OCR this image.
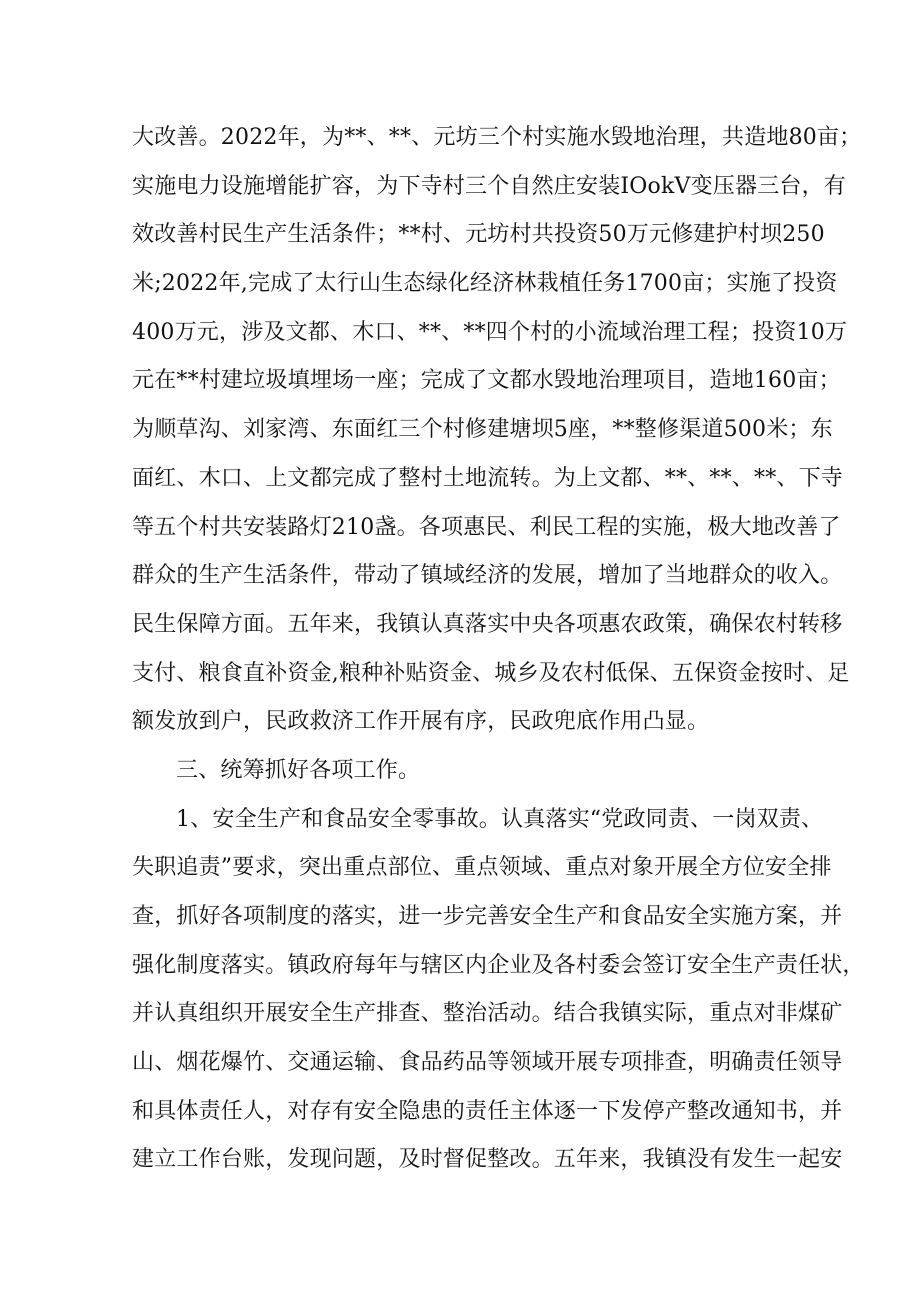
大改善。2022年，为**、**、元坊三个村实施水毁地治理，共造地80亩；
实施电力设施增能扩容，为下寺村三个自然庄安装IOokV变压器三台，有
效改善村民生产生活条件；**村、元坊村共投资50万元修建护村坝250
米;2022年,完成了太行山生态绿化经济林栽植任务1700亩；实施了投资
400万元，涉及文都、木口、**、**四个村的小流域治理工程；投资10万
元在**村建垃圾填埋场一座；完成了文都水毁地治理项目，造地160亩；
为顺草沟、刘家湾、东面红三个村修建塘坝5座，**整修渠道500米；东
面红、木口、上文都完成了整村土地流转。为上文都、**、**、**、下寺
等五个村共安装路灯210盏。各项惠民、利民工程的实施，极大地改善了
群众的生产生活条件，带动了镇域经济的发展，增加了当地群众的收入。
民生保障方面。五年来，我镇认真落实中央各项惠农政策，确保农村转移
支付、粮食直补资金,粮种补贴资金、城乡及农村低保、五保资金按时、足
额发放到户，民政救济工作开展有序，民政兜底作用凸显。
三、统筹抓好各项工作。
1、安全生产和食品安全零事故。认真落实“党政同责、一岗双责、
失职追责”要求，突出重点部位、重点领域、重点对象开展全方位安全排
查，抓好各项制度的落实，进一步完善安全生产和食品安全实施方案，并
强化制度落实。镇政府每年与辖区内企业及各村委会签订安全生产责任状，
并认真组织开展安全生产排查、整治活动。结合我镇实际，重点对非煤矿
山、烟花爆竹、交通运输、食品药品等领域开展专项排查，明确责任领导
和具体责任人，对存有安全隐患的责任主体逐一下发停产整改通知书，并
建立工作台账，发现问题，及时督促整改。五年来，我镇没有发生一起安
